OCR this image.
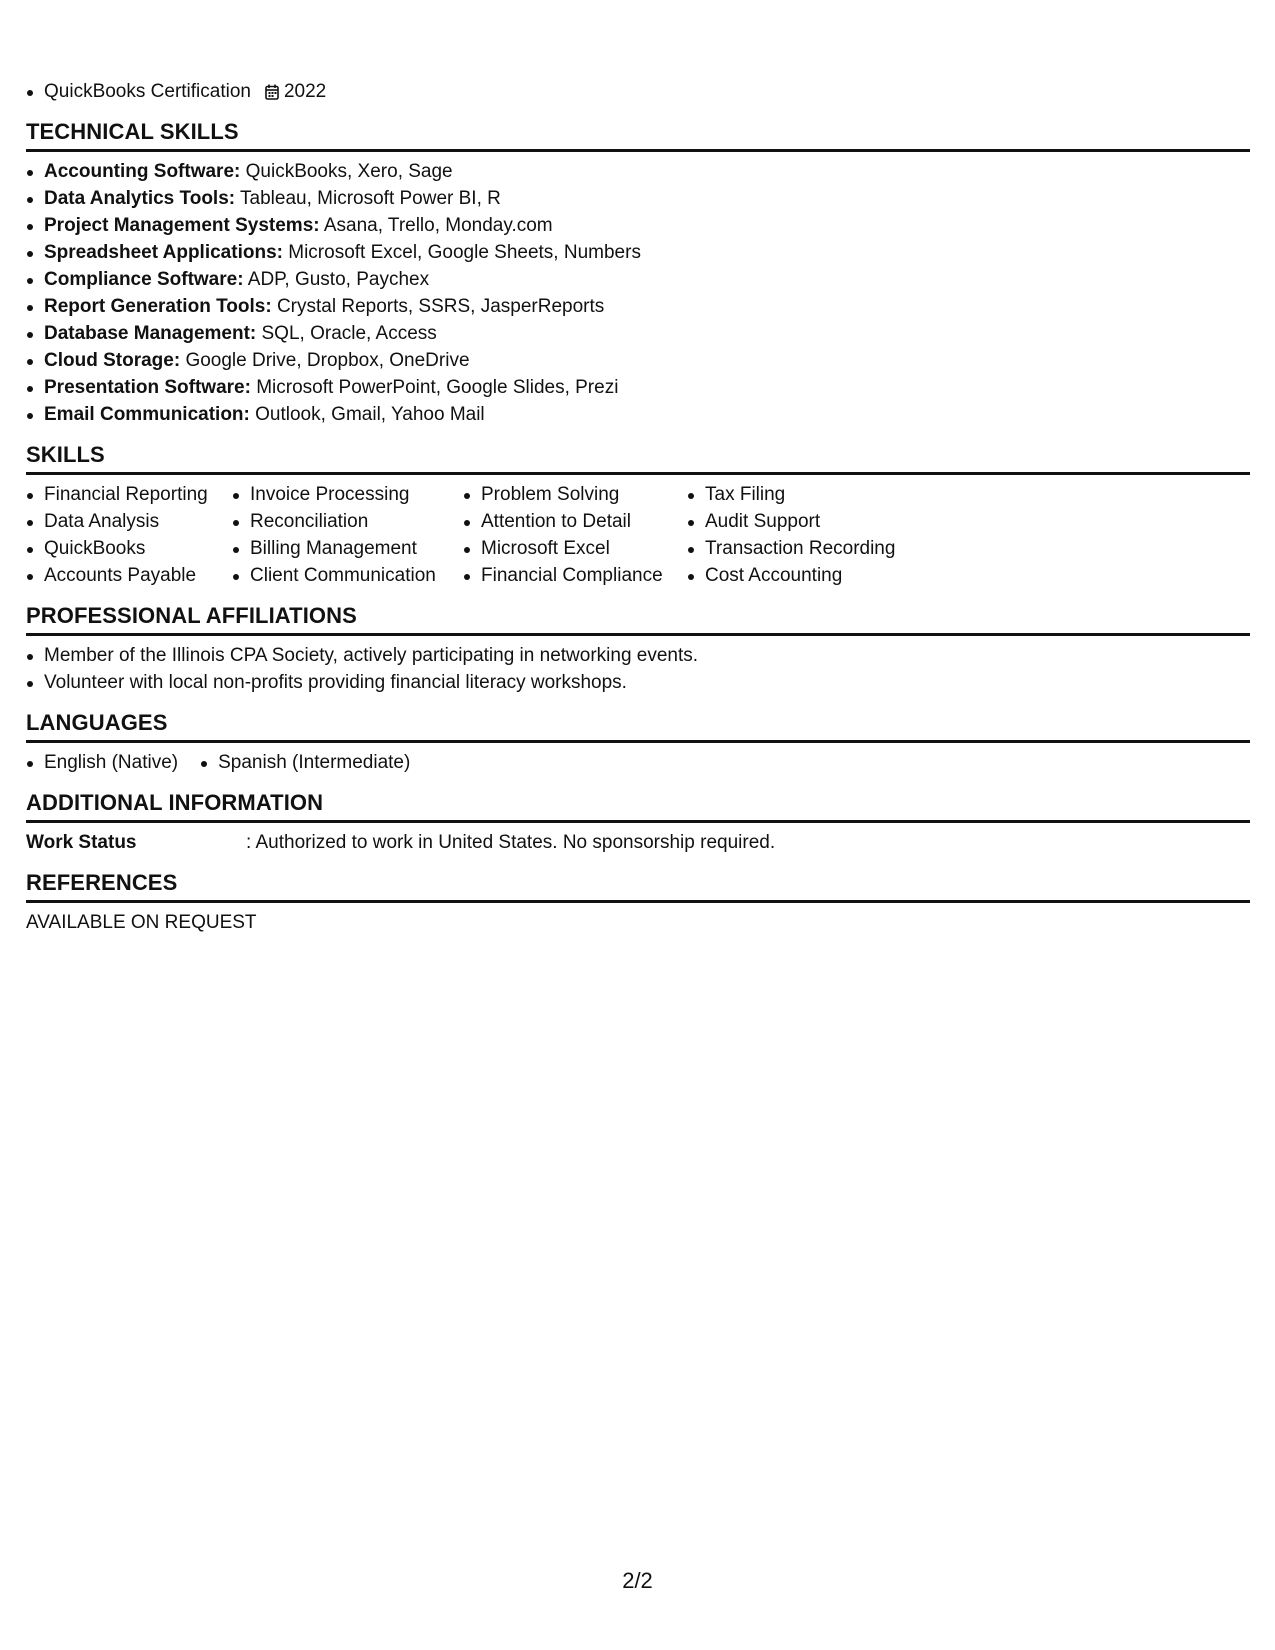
QuickBooks Certification 2022
TECHNICAL SKILLS
Accounting Software: QuickBooks, Xero, Sage
Data Analytics Tools: Tableau, Microsoft Power BI, R
Project Management Systems: Asana, Trello, Monday.com
Spreadsheet Applications: Microsoft Excel, Google Sheets, Numbers
Compliance Software: ADP, Gusto, Paychex
Report Generation Tools: Crystal Reports, SSRS, JasperReports
Database Management: SQL, Oracle, Access
Cloud Storage: Google Drive, Dropbox, OneDrive
Presentation Software: Microsoft PowerPoint, Google Slides, Prezi
Email Communication: Outlook, Gmail, Yahoo Mail
SKILLS
Financial Reporting
Data Analysis
QuickBooks
Accounts Payable
Invoice Processing
Reconciliation
Billing Management
Client Communication
Problem Solving
Attention to Detail
Microsoft Excel
Financial Compliance
Tax Filing
Audit Support
Transaction Recording
Cost Accounting
PROFESSIONAL AFFILIATIONS
Member of the Illinois CPA Society, actively participating in networking events.
Volunteer with local non-profits providing financial literacy workshops.
LANGUAGES
English (Native)	Spanish (Intermediate)
ADDITIONAL INFORMATION
Work Status	: Authorized to work in United States. No sponsorship required.
REFERENCES
AVAILABLE ON REQUEST
2/2
